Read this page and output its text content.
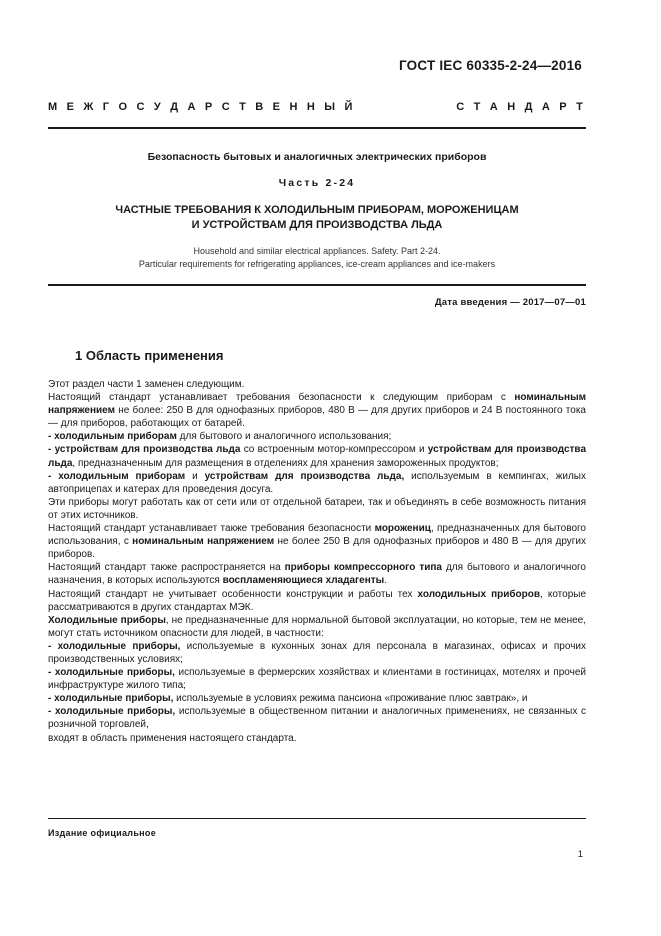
ГОСТ IEC 60335-2-24—2016
М Е Ж Г О С У Д А Р С Т В Е Н Н Ы Й	С Т А Н Д А Р Т
Безопасность бытовых и аналогичных электрических приборов
Часть 2-24
ЧАСТНЫЕ ТРЕБОВАНИЯ К ХОЛОДИЛЬНЫМ ПРИБОРАМ, МОРОЖЕНИЦАМ
И УСТРОЙСТВАМ ДЛЯ ПРОИЗВОДСТВА ЛЬДА
Household and similar electrical appliances. Safety. Part 2-24.
Particular requirements for refrigerating appliances, ice-cream appliances and ice-makers
Дата введения — 2017—07—01
1 Область применения

Этот раздел части 1 заменен следующим.

Настоящий стандарт устанавливает требования безопасности к следующим приборам с номинальным напряжением не более: 250 В для однофазных приборов, 480 В — для других приборов и 24 В постоянного тока — для приборов, работающих от батарей.

- холодильным приборам для бытового и аналогичного использования;

- устройствам для производства льда со встроенным мотор-компрессором и устройствам для производства льда, предназначенным для размещения в отделениях для хранения замороженных продуктов;

- холодильным приборам и устройствам для производства льда, используемым в кемпингах, жилых автоприцепах и катерах для проведения досуга.

Эти приборы могут работать как от сети или от отдельной батареи, так и объединять в себе возможность питания от этих источников.

Настоящий стандарт устанавливает также требования безопасности морожениц, предназначенных для бытового использования, с номинальным напряжением не более 250 В для однофазных приборов и 480 В — для других приборов.

Настоящий стандарт также распространяется на приборы компрессорного типа для бытового и аналогичного назначения, в которых используются воспламеняющиеся хладагенты.

Настоящий стандарт не учитывает особенности конструкции и работы тех холодильных приборов, которые рассматриваются в других стандартах МЭК.

Холодильные приборы, не предназначенные для нормальной бытовой эксплуатации, но которые, тем не менее, могут стать источником опасности для людей, в частности:

- холодильные приборы, используемые в кухонных зонах для персонала в магазинах, офисах и прочих производственных условиях;

- холодильные приборы, используемые в фермерских хозяйствах и клиентами в гостиницах, мотелях и прочей инфраструктуре жилого типа;

- холодильные приборы, используемые в условиях режима пансиона «проживание плюс завтрак», и

- холодильные приборы, используемые в общественном питании и аналогичных применениях, не связанных с розничной торговлей,

входят в область применения настоящего стандарта.

Издание официальное
1
